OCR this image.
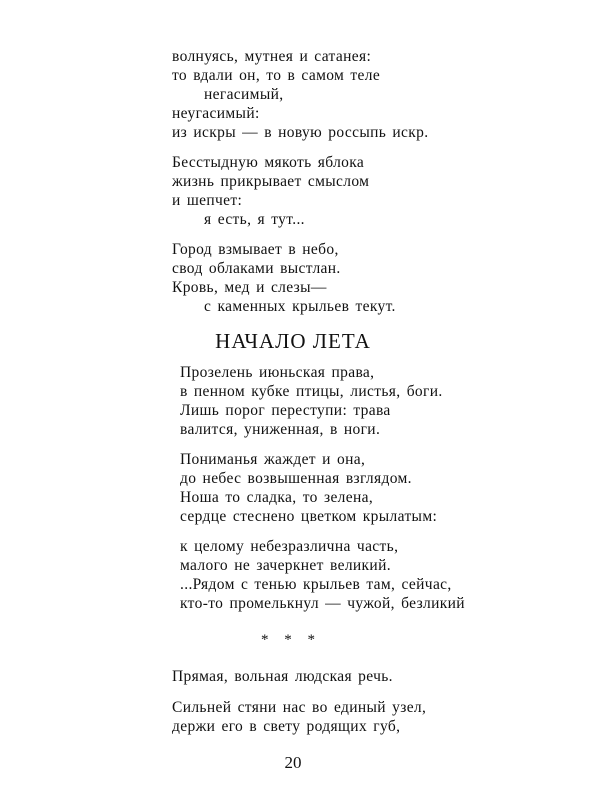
волнуясь, мутнея и сатанея:
то вдали он, то в самом теле
негасимый,
неугасимый:
из искры — в новую россыпь искр.
Бесстыдную мякоть яблока
жизнь прикрывает смыслом
и шепчет:
я есть, я тут...
Город взмывает в небо,
свод облаками выстлан.
Кровь, мед и слезы—
с каменных крыльев текут.
НАЧАЛО ЛЕТА
Прозелень июньская права,
в пенном кубке птицы, листья, боги.
Лишь порог переступи: трава
валится, униженная, в ноги.
Пониманья жаждет и она,
до небес возвышенная взглядом.
Ноша то сладка, то зелена,
сердце стеснено цветком крылатым:
к целому небезразлична часть,
малого не зачеркнет великий.
...Рядом с тенью крыльев там, сейчас,
кто-то промелькнул — чужой, безликий
* * *
Прямая, вольная людская речь.
Сильней стяни нас во единый узел,
держи его в свету родящих губ,
20
